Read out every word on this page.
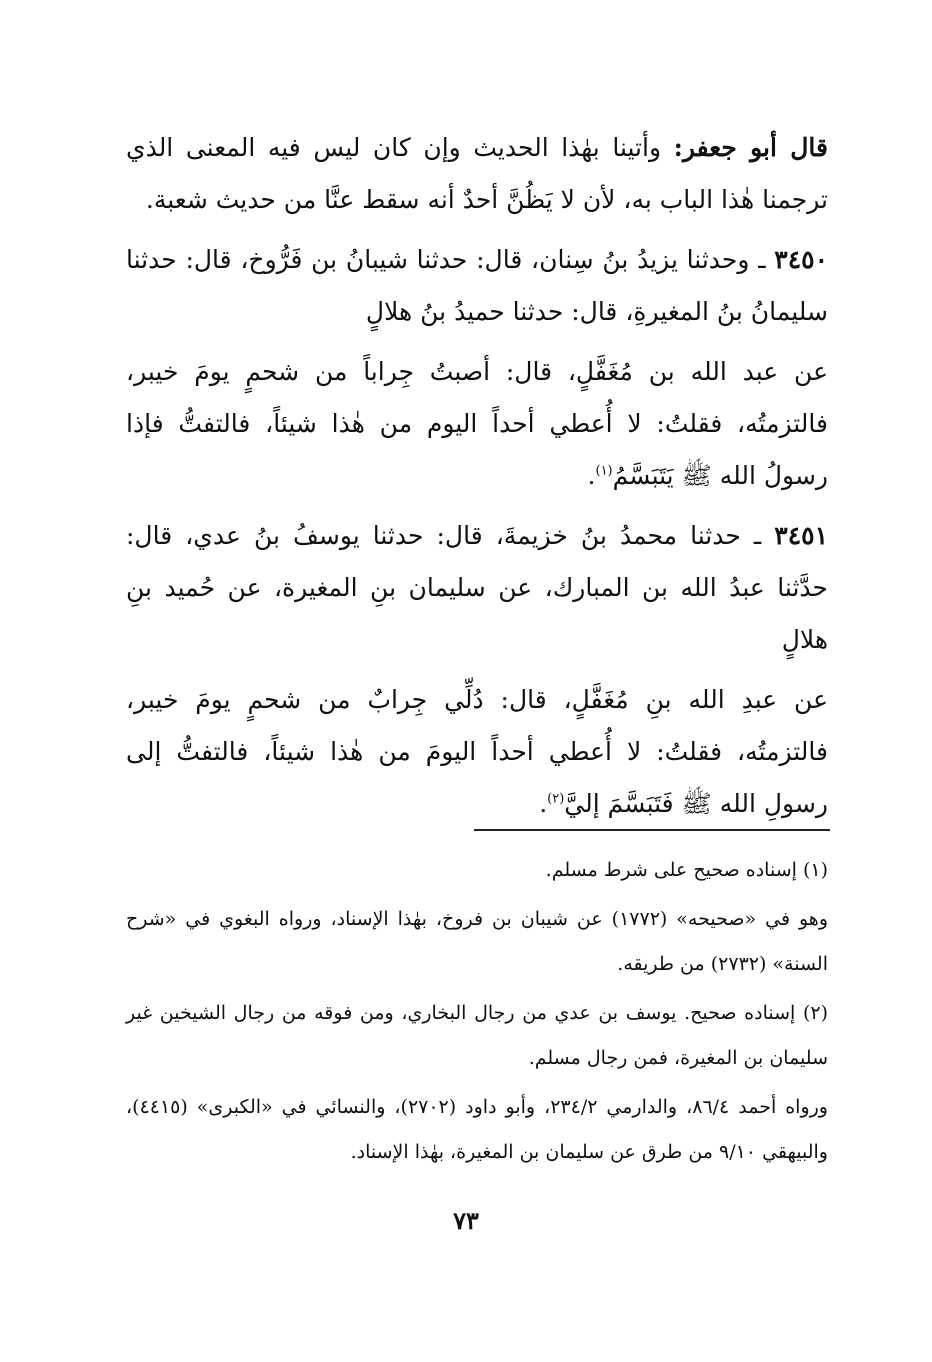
قال أبو جعفر: وأتينا بهٰذا الحديث وإن كان ليس فيه المعنى الذي ترجمنا هٰذا الباب به، لأن لا يَظُنَّ أحدٌ أنه سقط عنَّا من حديث شعبة.

٣٤٥٠ ـ وحدثنا يزيدُ بنُ سِنان، قال: حدثنا شيبانُ بن فَرُّوخ، قال: حدثنا سليمانُ بنُ المغيرةِ، قال: حدثنا حميدُ بنُ هلالٍ

عن عبد الله بن مُغَفَّلٍ، قال: أصبتُ جِراباً من شحمٍ يومَ خيبر، فالتزمتُه، فقلتُ: لا أُعطي أحداً اليوم من هٰذا شيئاً، فالتفتُّ فإذا رسولُ الله ﷺ يَتَبَسَّمُ$^{(١)}$.

٣٤٥١ ـ حدثنا محمدُ بنُ خزيمةَ، قال: حدثنا يوسفُ بنُ عدي، قال: حدَّثنا عبدُ الله بن المبارك، عن سليمان بنِ المغيرة، عن حُميد بنِ هلالٍ

عن عبدِ الله بنِ مُغَفَّلٍ، قال: دُلِّي جِرابٌ من شحمٍ يومَ خيبر، فالتزمتُه، فقلتُ: لا أُعطي أحداً اليومَ من هٰذا شيئاً، فالتفتُّ إلى رسولِ الله ﷺ فَتَبَسَّمَ إليَّ$^{(٢)}$.

(١) إسناده صحيح على شرط مسلم.

وهو في «صحيحه» (١٧٧٢) عن شيبان بن فروخ، بهٰذا الإسناد، ورواه البغوي في «شرح السنة» (٢٧٣٢) من طريقه.

(٢) إسناده صحيح. يوسف بن عدي من رجال البخاري، ومن فوقه من رجال الشيخين غير سليمان بن المغيرة، فمن رجال مسلم.

ورواه أحمد ٨٦/٤، والدارمي ٢٣٤/٢، وأبو داود (٢٧٠٢)، والنسائي في «الكبرى» (٤٤١٥)، والبيهقي ٩/١٠ من طرق عن سليمان بن المغيرة، بهٰذا الإسناد.

٧٣
